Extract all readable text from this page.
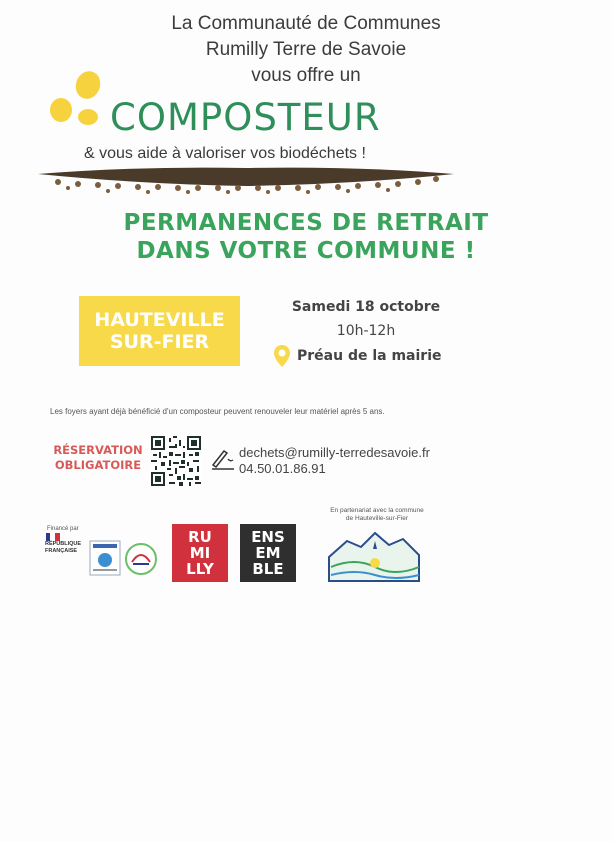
La Communauté de Communes
Rumilly Terre de Savoie
vous offre un
COMPOSTEUR
& vous aide à valoriser vos biodéchets !
PERMANENCES DE RETRAIT
DANS VOTRE COMMUNE !
HAUTEVILLE
SUR-FIER
Samedi 18 octobre
10h-12h
Préau de la mairie
Les foyers ayant déjà bénéficié d'un composteur peuvent renouveler leur matériel après 5 ans.
RÉSERVATION
OBLIGATOIRE
dechets@rumilly-terredesavoie.fr
04.50.01.86.91
Financé par
RÉPUBLIQUE
FRANÇAISE
RU
MI
LLY
ENS
EM
BLE
En partenariat avec la commune
de Hauteville-sur-Fier
